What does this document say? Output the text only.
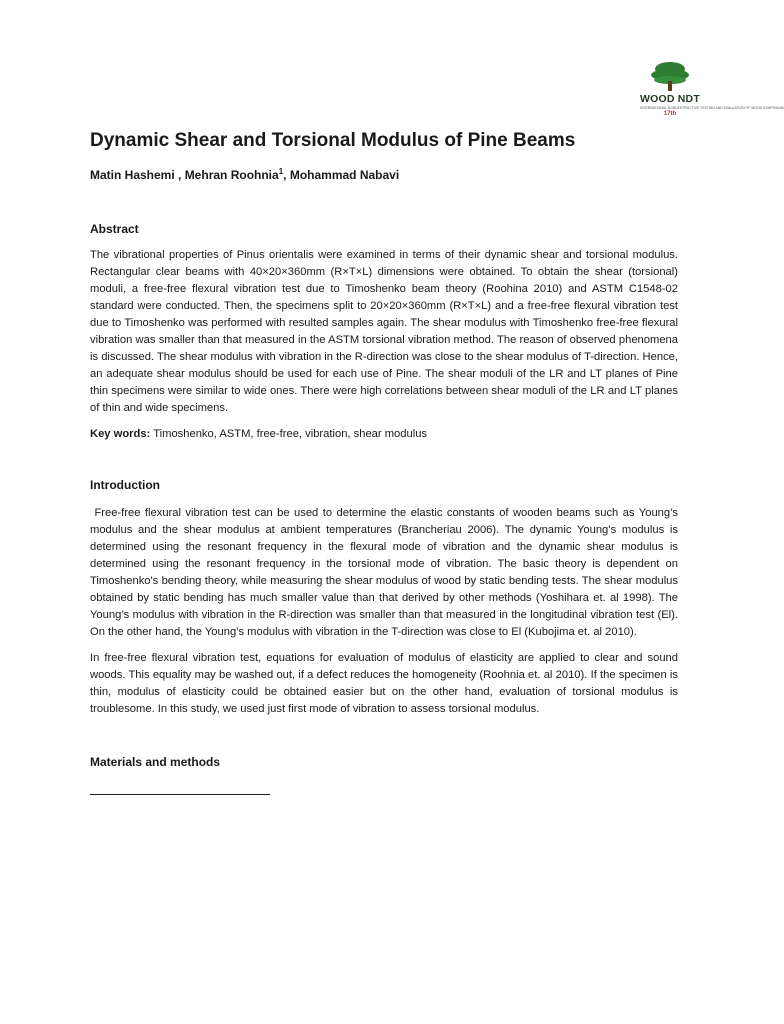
WOOD NDT
INTERNATIONAL NONDESTRUCTIVE TESTING AND EVALUATION OF WOOD SYMPOSIUM
17th
Dynamic Shear and Torsional Modulus of Pine Beams
Matin Hashemi , Mehran Roohnia$^1$, Mohammad Nabavi
Abstract

The vibrational properties of Pinus orientalis were examined in terms of their dynamic shear and torsional modulus. Rectangular clear beams with 40×20×360mm (R×T×L) dimensions were obtained. To obtain the shear (torsional) moduli, a free-free flexural vibration test due to Timoshenko beam theory (Roohina 2010) and ASTM C1548-02 standard were conducted. Then, the specimens split to 20×20×360mm (R×T×L) and a free-free flexural vibration test due to Timoshenko was performed with resulted samples again. The shear modulus with Timoshenko free-free flexural vibration was smaller than that measured in the ASTM torsional vibration method. The reason of observed phenomena is discussed. The shear modulus with vibration in the R-direction was close to the shear modulus of T-direction. Hence, an adequate shear modulus should be used for each use of Pine. The shear moduli of the LR and LT planes of Pine thin specimens were similar to wide ones. There were high correlations between shear moduli of the LR and LT planes of thin and wide specimens.

Key words: Timoshenko, ASTM, free-free, vibration, shear modulus

Introduction

Free-free flexural vibration test can be used to determine the elastic constants of wooden beams such as Young’s modulus and the shear modulus at ambient temperatures (Brancheriau 2006). The dynamic Young’s modulus is determined using the resonant frequency in the flexural mode of vibration and the dynamic shear modulus is determined using the resonant frequency in the torsional mode of vibration. The basic theory is dependent on Timoshenko's bending theory, while measuring the shear modulus of wood by static bending tests. The shear modulus obtained by static bending has much smaller value than that derived by other methods (Yoshihara et. al 1998). The Young’s modulus with vibration in the R-direction was smaller than that measured in the longitudinal vibration test (El). On the other hand, the Young’s modulus with vibration in the T-direction was close to El (Kubojima et. al 2010).

In free-free flexural vibration test, equations for evaluation of modulus of elasticity are applied to clear and sound woods. This equality may be washed out, if a defect reduces the homogeneity (Roohnia et. al 2010). If the specimen is thin, modulus of elasticity could be obtained easier but on the other hand, evaluation of torsional modulus is troublesome. In this study, we used just first mode of vibration to assess torsional modulus.

Materials and methods
